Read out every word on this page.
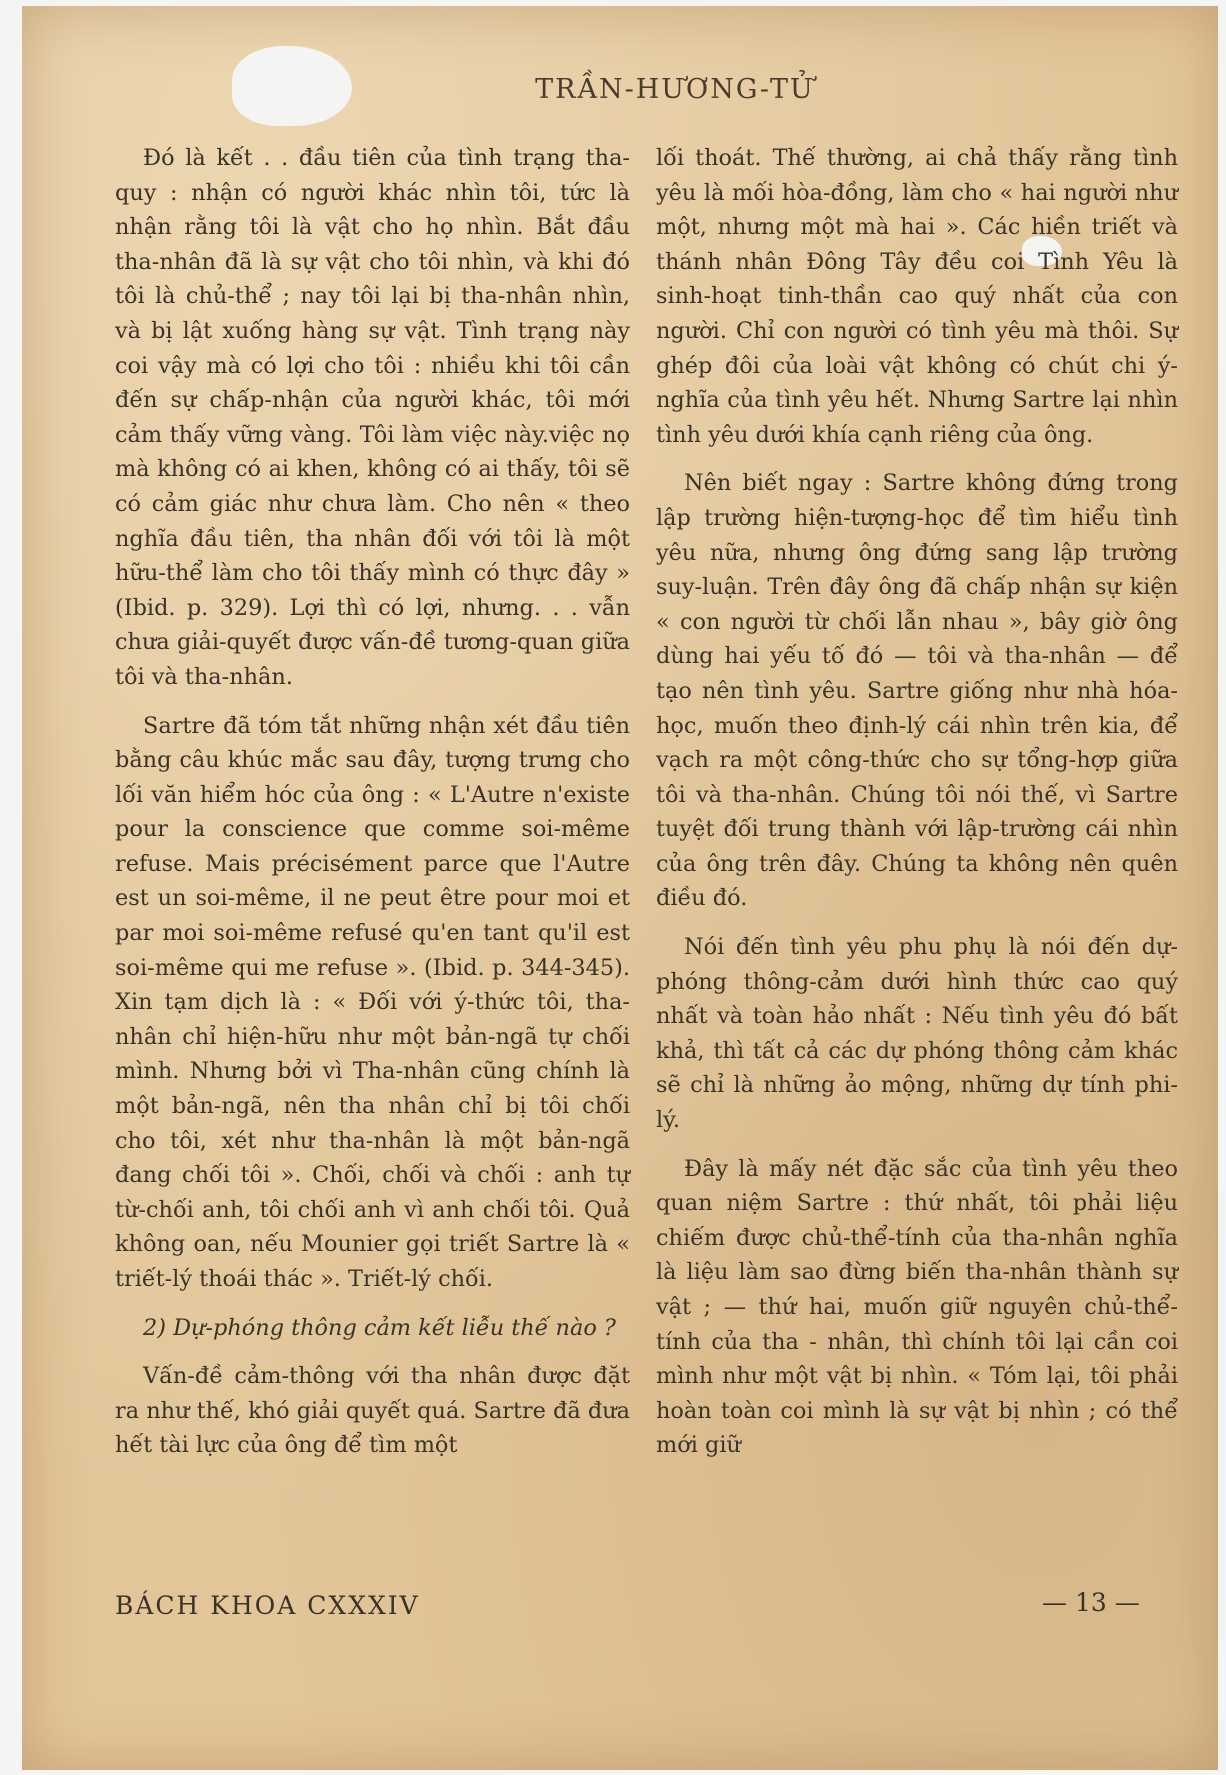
TRẦN-HƯƠNG-TỬ

Đó là kết . . đầu tiên của tình trạng tha-quy : nhận có người khác nhìn tôi, tức là nhận rằng tôi là vật cho họ nhìn. Bắt đầu tha-nhân đã là sự vật cho tôi nhìn, và khi đó tôi là chủ-thể ; nay tôi lại bị tha-nhân nhìn, và bị lật xuống hàng sự vật. Tình trạng này coi vậy mà có lợi cho tôi : nhiều khi tôi cần đến sự chấp-nhận của người khác, tôi mới cảm thấy vững vàng. Tôi làm việc này.việc nọ mà không có ai khen, không có ai thấy, tôi sẽ có cảm giác như chưa làm. Cho nên « theo nghĩa đầu tiên, tha nhân đối với tôi là một hữu-thể làm cho tôi thấy mình có thực đây » (Ibid. p. 329). Lợi thì có lợi, nhưng. . . vẫn chưa giải-quyết được vấn-đề tương-quan giữa tôi và tha-nhân.

Sartre đã tóm tắt những nhận xét đầu tiên bằng câu khúc mắc sau đây, tượng trưng cho lối văn hiểm hóc của ông : « L'Autre n'existe pour la conscience que comme soi-même refuse. Mais précisément parce que l'Autre est un soi-même, il ne peut être pour moi et par moi soi-même refusé qu'en tant qu'il est soi-même qui me refuse ». (Ibid. p. 344-345). Xin tạm dịch là : « Đối với ý-thức tôi, tha-nhân chỉ hiện-hữu như một bản-ngã tự chối mình. Nhưng bởi vì Tha-nhân cũng chính là một bản-ngã, nên tha nhân chỉ bị tôi chối cho tôi, xét như tha-nhân là một bản-ngã đang chối tôi ». Chối, chối và chối : anh tự từ-chối anh, tôi chối anh vì anh chối tôi. Quả không oan, nếu Mounier gọi triết Sartre là « triết-lý thoái thác ». Triết-lý chối.

2) Dự-phóng thông cảm kết liễu thế nào ?

Vấn-đề cảm-thông với tha nhân được đặt ra như thế, khó giải quyết quá. Sartre đã đưa hết tài lực của ông để tìm một

lối thoát. Thế thường, ai chả thấy rằng tình yêu là mối hòa-đồng, làm cho « hai người như một, nhưng một mà hai ». Các hiền triết và thánh nhân Đông Tây đều coi Tình Yêu là sinh-hoạt tinh-thần cao quý nhất của con người. Chỉ con người có tình yêu mà thôi. Sự ghép đôi của loài vật không có chút chi ý-nghĩa của tình yêu hết. Nhưng Sartre lại nhìn tình yêu dưới khía cạnh riêng của ông.

Nên biết ngay : Sartre không đứng trong lập trường hiện-tượng-học để tìm hiểu tình yêu nữa, nhưng ông đứng sang lập trường suy-luận. Trên đây ông đã chấp nhận sự kiện « con người từ chối lẫn nhau », bây giờ ông dùng hai yếu tố đó — tôi và tha-nhân — để tạo nên tình yêu. Sartre giống như nhà hóa-học, muốn theo định-lý cái nhìn trên kia, để vạch ra một công-thức cho sự tổng-hợp giữa tôi và tha-nhân. Chúng tôi nói thế, vì Sartre tuyệt đối trung thành với lập-trường cái nhìn của ông trên đây. Chúng ta không nên quên điều đó.

Nói đến tình yêu phu phụ là nói đến dự-phóng thông-cảm dưới hình thức cao quý nhất và toàn hảo nhất : Nếu tình yêu đó bất khả, thì tất cả các dự phóng thông cảm khác sẽ chỉ là những ảo mộng, những dự tính phi-lý.

Đây là mấy nét đặc sắc của tình yêu theo quan niệm Sartre : thứ nhất, tôi phải liệu chiếm được chủ-thể-tính của tha-nhân nghĩa là liệu làm sao đừng biến tha-nhân thành sự vật ; — thứ hai, muốn giữ nguyên chủ-thể-tính của tha - nhân, thì chính tôi lại cần coi mình như một vật bị nhìn. « Tóm lại, tôi phải hoàn toàn coi mình là sự vật bị nhìn ; có thể mới giữ

BÁCH KHOA CXXXIV	— 13 —
